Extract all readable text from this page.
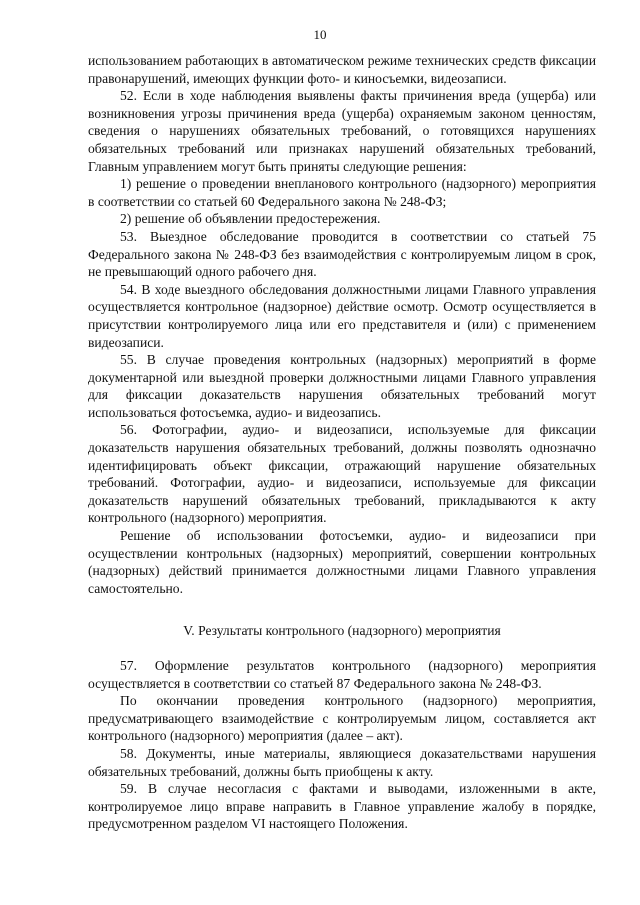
10

использованием работающих в автоматическом режиме технических средств фиксации правонарушений, имеющих функции фото- и киносъемки, видеозаписи.

52. Если в ходе наблюдения выявлены факты причинения вреда (ущерба) или возникновения угрозы причинения вреда (ущерба) охраняемым законом ценностям, сведения о нарушениях обязательных требований, о готовящихся нарушениях обязательных требований или признаках нарушений обязательных требований, Главным управлением могут быть приняты следующие решения:

1) решение о проведении внепланового контрольного (надзорного) мероприятия в соответствии со статьей 60 Федерального закона № 248-ФЗ;

2) решение об объявлении предостережения.

53. Выездное обследование проводится в соответствии со статьей 75 Федерального закона № 248-ФЗ без взаимодействия с контролируемым лицом в срок, не превышающий одного рабочего дня.

54. В ходе выездного обследования должностными лицами Главного управления осуществляется контрольное (надзорное) действие осмотр. Осмотр осуществляется в присутствии контролируемого лица или его представителя и (или) с применением видеозаписи.

55. В случае проведения контрольных (надзорных) мероприятий в форме документарной или выездной проверки должностными лицами Главного управления для фиксации доказательств нарушения обязательных требований могут использоваться фотосъемка, аудио- и видеозапись.

56. Фотографии, аудио- и видеозаписи, используемые для фиксации доказательств нарушения обязательных требований, должны позволять однозначно идентифицировать объект фиксации, отражающий нарушение обязательных требований. Фотографии, аудио- и видеозаписи, используемые для фиксации доказательств нарушений обязательных требований, прикладываются к акту контрольного (надзорного) мероприятия.

Решение об использовании фотосъемки, аудио- и видеозаписи при осуществлении контрольных (надзорных) мероприятий, совершении контрольных (надзорных) действий принимается должностными лицами Главного управления самостоятельно.

V. Результаты контрольного (надзорного) мероприятия

57. Оформление результатов контрольного (надзорного) мероприятия осуществляется в соответствии со статьей 87 Федерального закона № 248-ФЗ.

По окончании проведения контрольного (надзорного) мероприятия, предусматривающего взаимодействие с контролируемым лицом, составляется акт контрольного (надзорного) мероприятия (далее – акт).

58. Документы, иные материалы, являющиеся доказательствами нарушения обязательных требований, должны быть приобщены к акту.

59. В случае несогласия с фактами и выводами, изложенными в акте, контролируемое лицо вправе направить в Главное управление жалобу в порядке, предусмотренном разделом VI настоящего Положения.
